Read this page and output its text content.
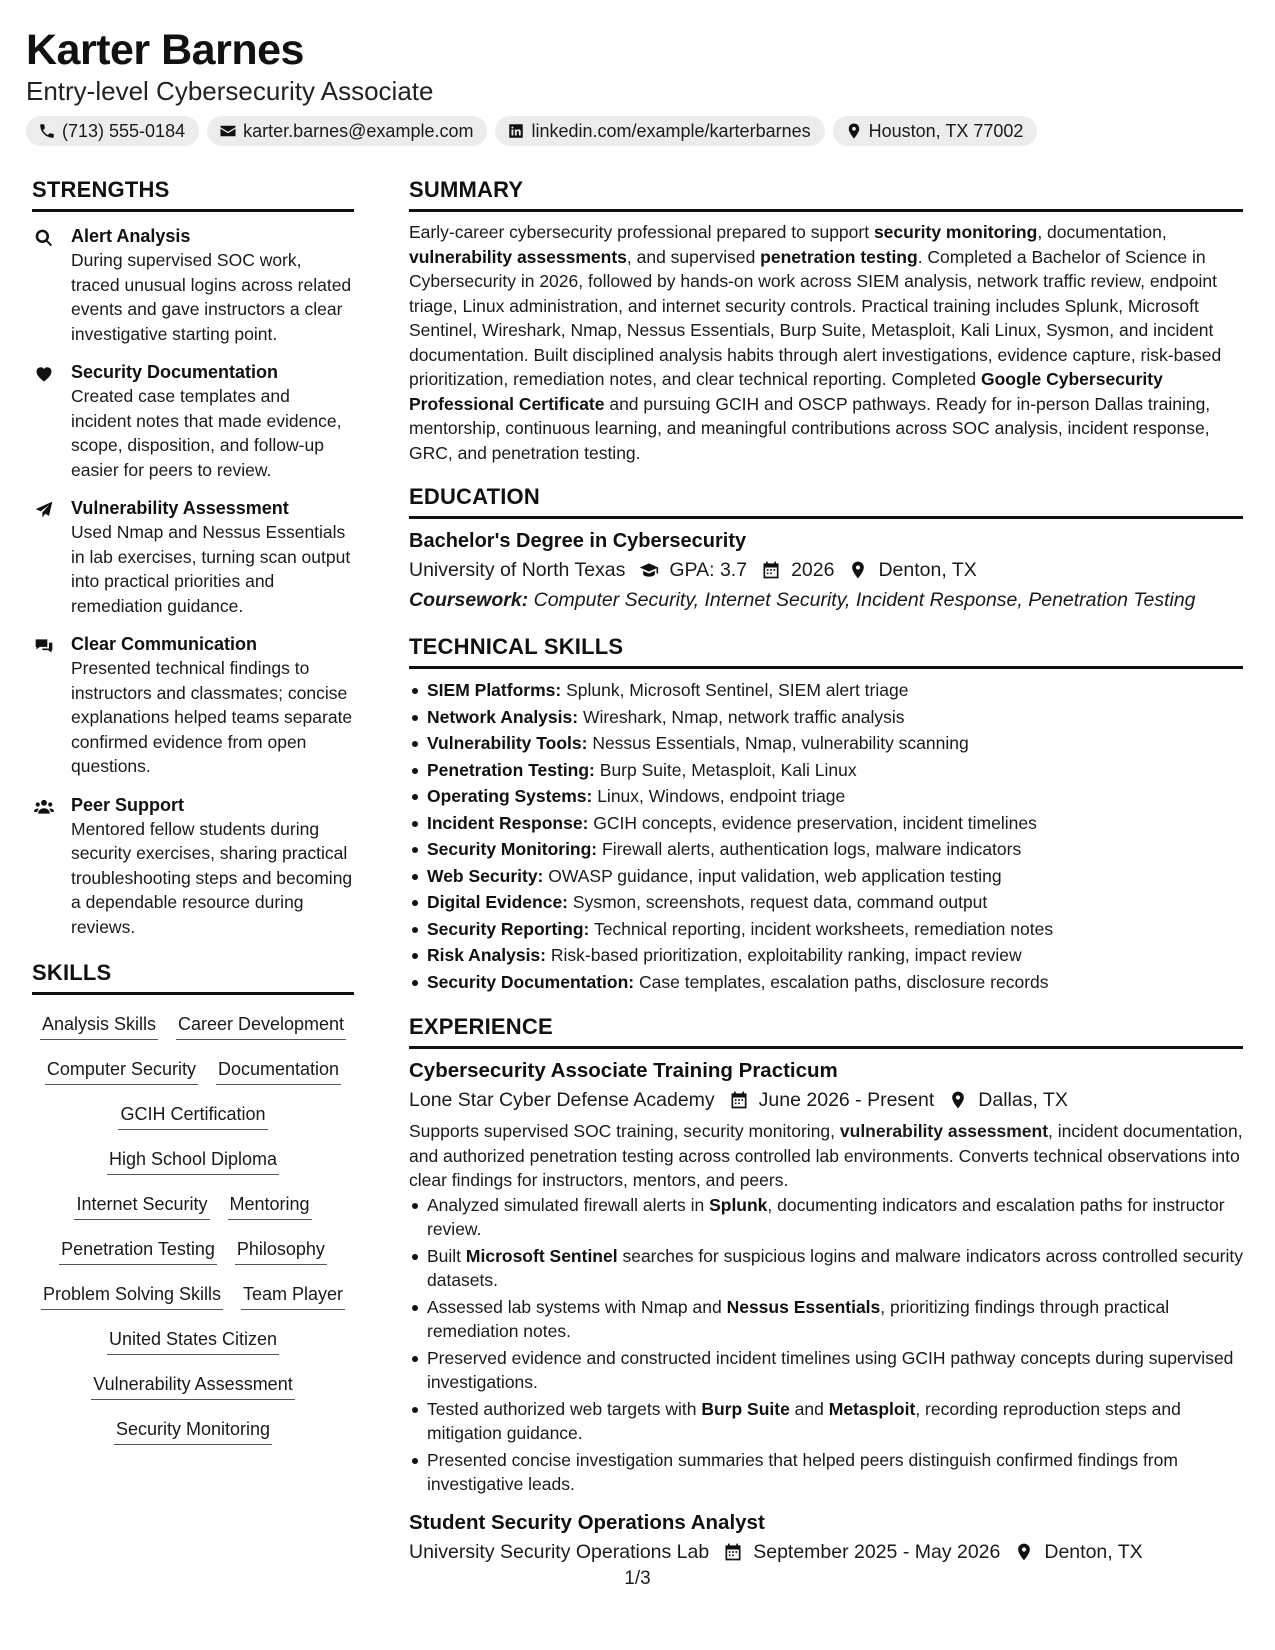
Karter Barnes
Entry-level Cybersecurity Associate
(713) 555-0184	karter.barnes@example.com	linkedin.com/example/karterbarnes	Houston, TX 77002
STRENGTHS
Alert Analysis
During supervised SOC work, traced unusual logins across related events and gave instructors a clear investigative starting point.
Security Documentation
Created case templates and incident notes that made evidence, scope, disposition, and follow-up easier for peers to review.
Vulnerability Assessment
Used Nmap and Nessus Essentials in lab exercises, turning scan output into practical priorities and remediation guidance.
Clear Communication
Presented technical findings to instructors and classmates; concise explanations helped teams separate confirmed evidence from open questions.
Peer Support
Mentored fellow students during security exercises, sharing practical troubleshooting steps and becoming a dependable resource during reviews.
SKILLS
Analysis Skills Career Development
Computer Security Documentation
GCIH Certification
High School Diploma
Internet Security Mentoring
Penetration Testing Philosophy
Problem Solving Skills Team Player
United States Citizen
Vulnerability Assessment
Security Monitoring
SUMMARY

Early-career cybersecurity professional prepared to support security monitoring, documentation, vulnerability assessments, and supervised penetration testing. Completed a Bachelor of Science in Cybersecurity in 2026, followed by hands-on work across SIEM analysis, network traffic review, endpoint triage, Linux administration, and internet security controls. Practical training includes Splunk, Microsoft Sentinel, Wireshark, Nmap, Nessus Essentials, Burp Suite, Metasploit, Kali Linux, Sysmon, and incident documentation. Built disciplined analysis habits through alert investigations, evidence capture, risk-based prioritization, remediation notes, and clear technical reporting. Completed Google Cybersecurity Professional Certificate and pursuing GCIH and OSCP pathways. Ready for in-person Dallas training, mentorship, continuous learning, and meaningful contributions across SOC analysis, incident response, GRC, and penetration testing.

EDUCATION
Bachelor's Degree in Cybersecurity
University of North Texas GPA: 3.7 2026 Denton, TX
Coursework: Computer Security, Internet Security, Incident Response, Penetration Testing
TECHNICAL SKILLS
SIEM Platforms: Splunk, Microsoft Sentinel, SIEM alert triage
Network Analysis: Wireshark, Nmap, network traffic analysis
Vulnerability Tools: Nessus Essentials, Nmap, vulnerability scanning
Penetration Testing: Burp Suite, Metasploit, Kali Linux
Operating Systems: Linux, Windows, endpoint triage
Incident Response: GCIH concepts, evidence preservation, incident timelines
Security Monitoring: Firewall alerts, authentication logs, malware indicators
Web Security: OWASP guidance, input validation, web application testing
Digital Evidence: Sysmon, screenshots, request data, command output
Security Reporting: Technical reporting, incident worksheets, remediation notes
Risk Analysis: Risk-based prioritization, exploitability ranking, impact review
Security Documentation: Case templates, escalation paths, disclosure records
EXPERIENCE
Cybersecurity Associate Training Practicum
Lone Star Cyber Defense Academy June 2026 - Present Dallas, TX

Supports supervised SOC training, security monitoring, vulnerability assessment, incident documentation, and authorized penetration testing across controlled lab environments. Converts technical observations into clear findings for instructors, mentors, and peers.

Analyzed simulated firewall alerts in Splunk, documenting indicators and escalation paths for instructor review.
Built Microsoft Sentinel searches for suspicious logins and malware indicators across controlled security datasets.
Assessed lab systems with Nmap and Nessus Essentials, prioritizing findings through practical remediation notes.
Preserved evidence and constructed incident timelines using GCIH pathway concepts during supervised investigations.
Tested authorized web targets with Burp Suite and Metasploit, recording reproduction steps and mitigation guidance.
Presented concise investigation summaries that helped peers distinguish confirmed findings from investigative leads.
Student Security Operations Analyst
University Security Operations Lab September 2025 - May 2026 Denton, TX
1/3
